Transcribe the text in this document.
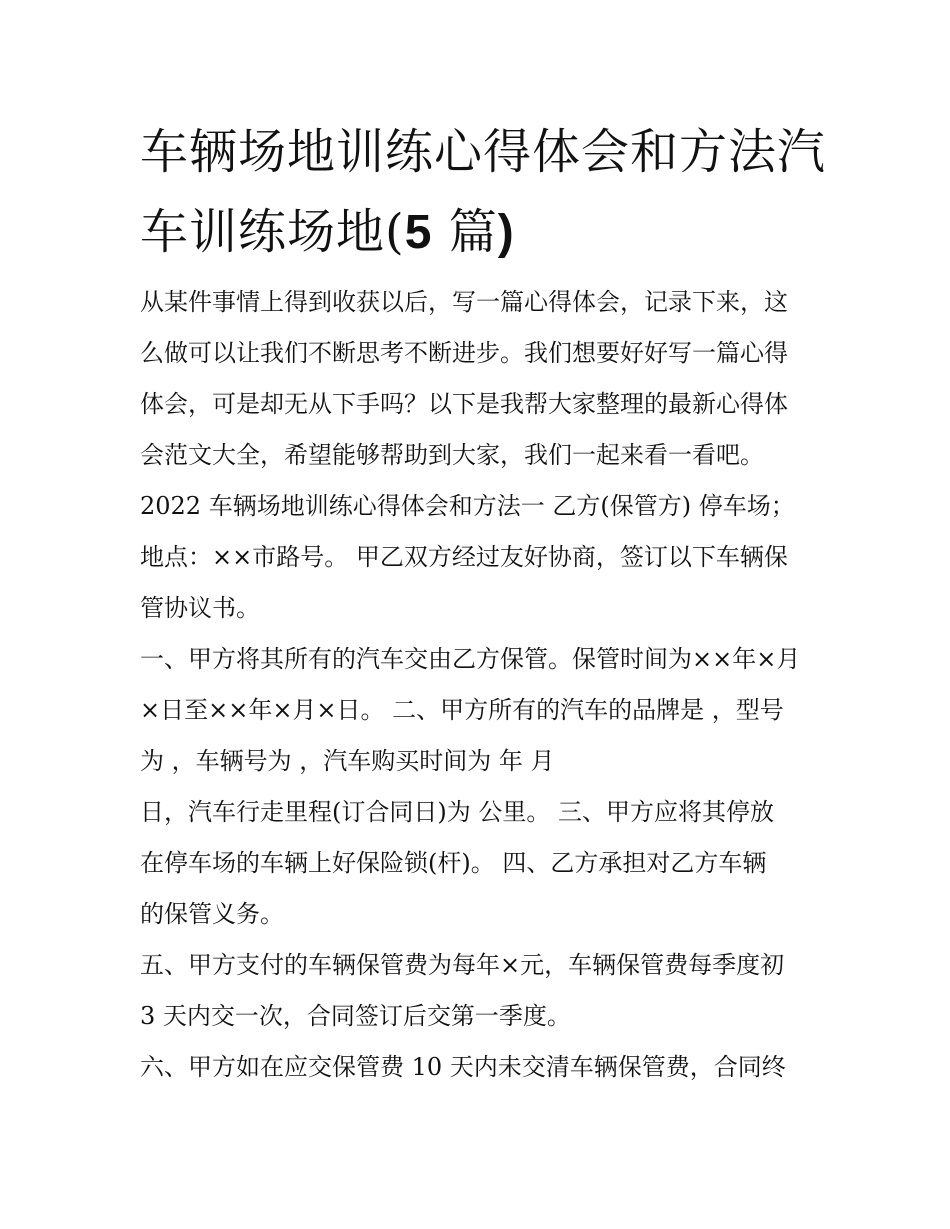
车辆场地训练心得体会和方法汽车训练场地(5 篇)

从某件事情上得到收获以后，写一篇心得体会，记录下来，这
么做可以让我们不断思考不断进步。我们想要好好写一篇心得
体会，可是却无从下手吗？以下是我帮大家整理的最新心得体
会范文大全，希望能够帮助到大家，我们一起来看一看吧。
2022 车辆场地训练心得体会和方法一 乙方(保管方) 停车场；
地点：××市路号。 甲乙双方经过友好协商，签订以下车辆保
管协议书。

一、甲方将其所有的汽车交由乙方保管。保管时间为××年×月
×日至××年×月×日。 二、甲方所有的汽车的品牌是 ，型号
为 ，车辆号为 ，汽车购买时间为 年 月
日，汽车行走里程(订合同日)为 公里。 三、甲方应将其停放
在停车场的车辆上好保险锁(杆)。 四、乙方承担对乙方车辆
的保管义务。

五、甲方支付的车辆保管费为每年×元，车辆保管费每季度初
3 天内交一次，合同签订后交第一季度。

六、甲方如在应交保管费 10 天内未交清车辆保管费，合同终
